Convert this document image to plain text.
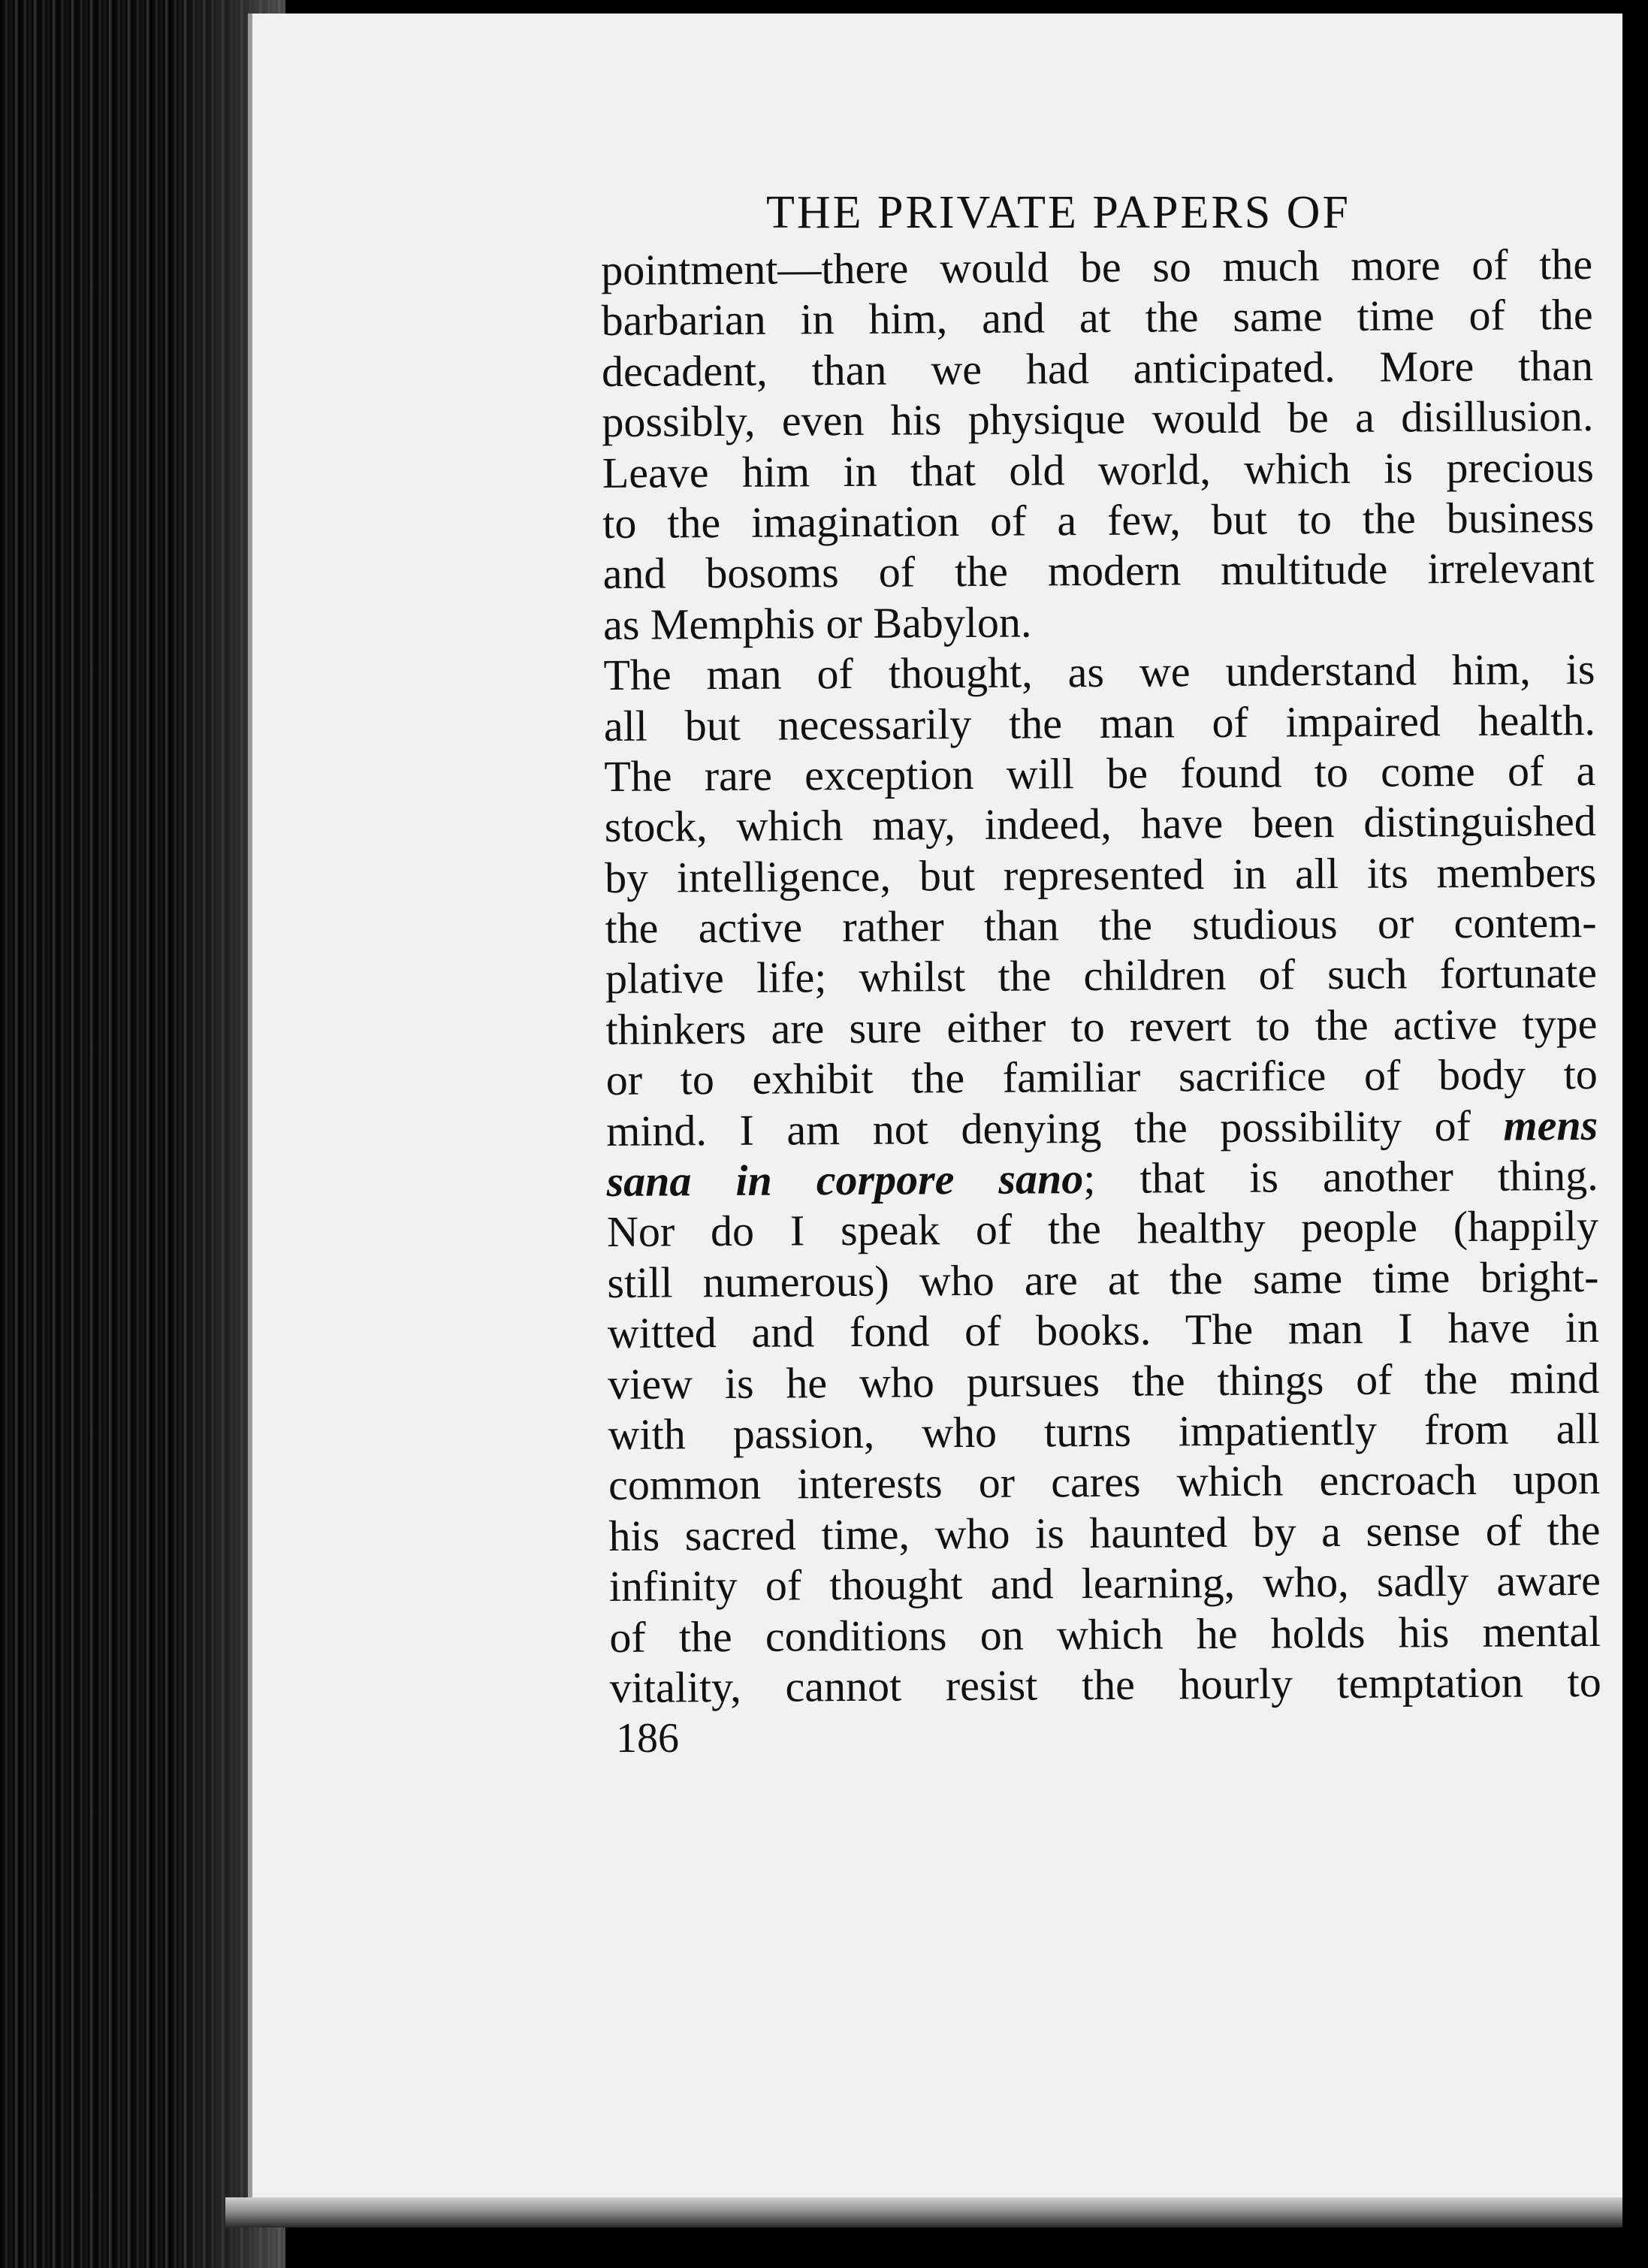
THE PRIVATE PAPERS OF
pointment—there would be so much more of the
barbarian in him, and at the same time of the
decadent, than we had anticipated. More than
possibly, even his physique would be a disillusion.
Leave him in that old world, which is precious
to the imagination of a few, but to the business
and bosoms of the modern multitude irrelevant
as Memphis or Babylon.
The man of thought, as we understand him, is
all but necessarily the man of impaired health.
The rare exception will be found to come of a
stock, which may, indeed, have been distinguished
by intelligence, but represented in all its members
the active rather than the studious or contem-
plative life; whilst the children of such fortunate
thinkers are sure either to revert to the active type
or to exhibit the familiar sacrifice of body to
mind. I am not denying the possibility of mens
sana in corpore sano; that is another thing.
Nor do I speak of the healthy people (happily
still numerous) who are at the same time bright-
witted and fond of books. The man I have in
view is he who pursues the things of the mind
with passion, who turns impatiently from all
common interests or cares which encroach upon
his sacred time, who is haunted by a sense of the
infinity of thought and learning, who, sadly aware
of the conditions on which he holds his mental
vitality, cannot resist the hourly temptation to
186
